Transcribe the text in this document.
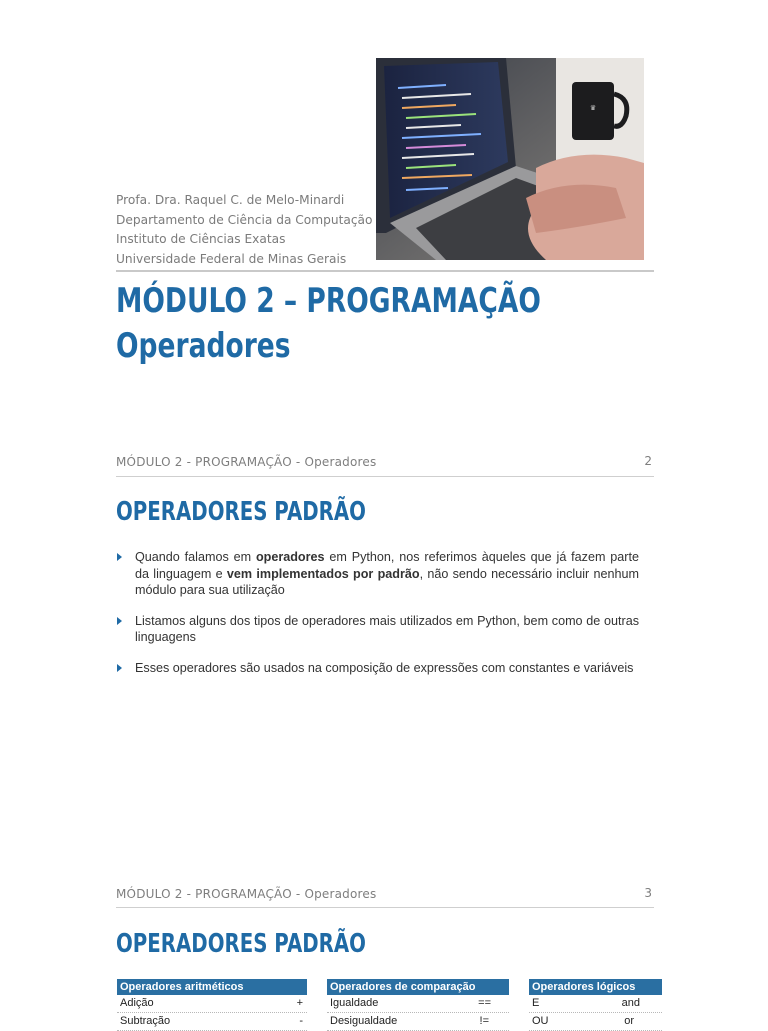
Profa. Dra. Raquel C. de Melo-Minardi
Departamento de Ciência da Computação
Instituto de Ciências Exatas
Universidade Federal de Minas Gerais
♛
MÓDULO 2 – PROGRAMAÇÃO
Operadores
MÓDULO 2 - PROGRAMAÇÃO - Operadores	2
OPERADORES PADRÃO
Quando falamos em operadores em Python, nos referimos àqueles que já fazem parte da linguagem e vem implementados por padrão, não sendo necessário incluir nenhum módulo para sua utilização
Listamos alguns dos tipos de operadores mais utilizados em Python, bem como de outras linguagens
Esses operadores são usados na composição de expressões com constantes e variáveis
MÓDULO 2 - PROGRAMAÇÃO - Operadores	3
OPERADORES PADRÃO
Operadores aritméticos
Adição	+
Subtração	-
Operadores de comparação
Igualdade	==
Desigualdade	!=
Operadores lógicos
E	and
OU	or
